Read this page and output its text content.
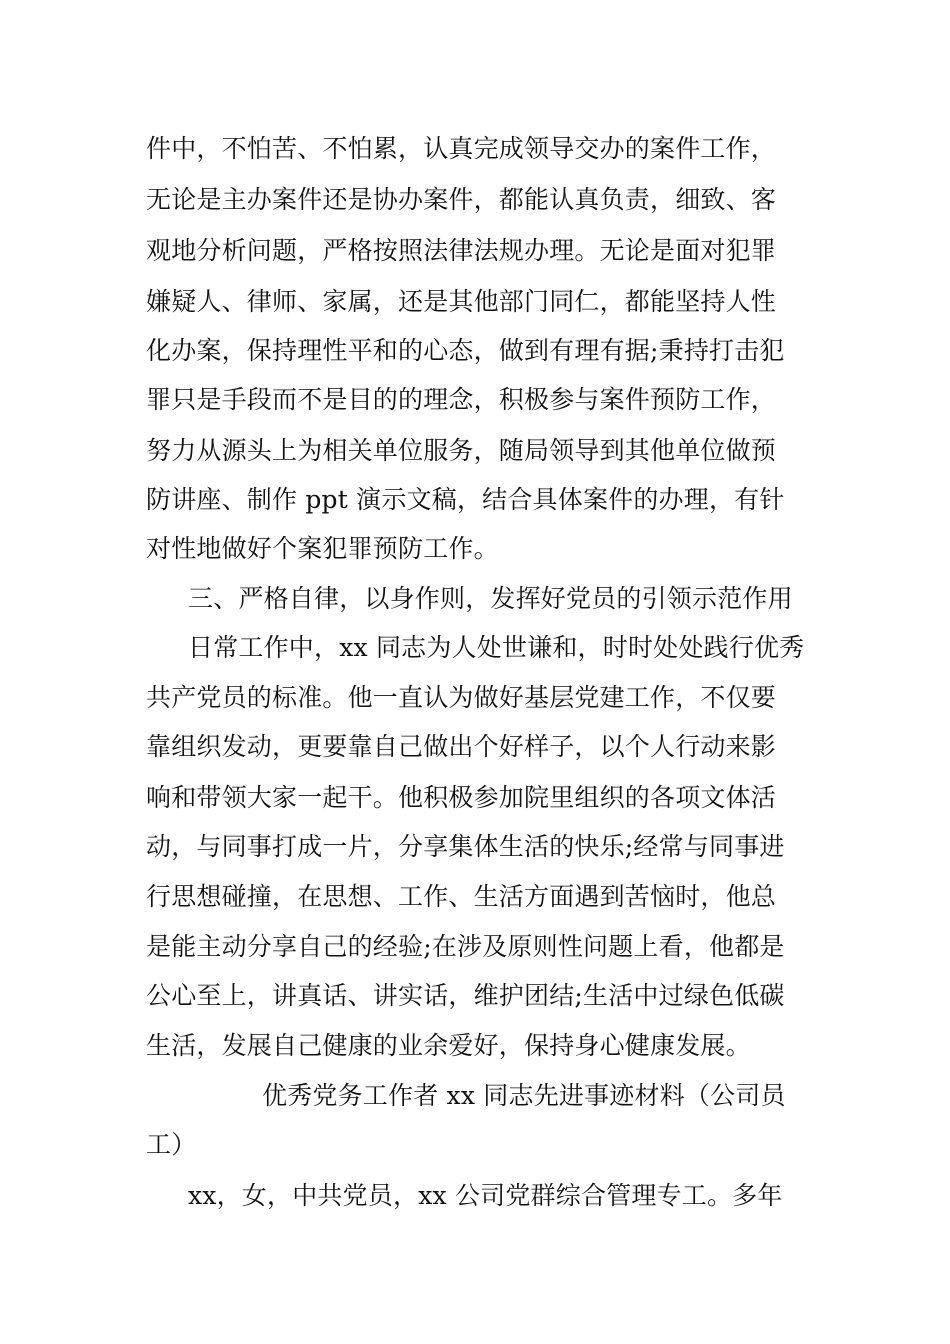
件中，不怕苦、不怕累，认真完成领导交办的案件工作，
无论是主办案件还是协办案件，都能认真负责，细致、客
观地分析问题，严格按照法律法规办理。无论是面对犯罪
嫌疑人、律师、家属，还是其他部门同仁，都能坚持人性
化办案，保持理性平和的心态，做到有理有据;秉持打击犯
罪只是手段而不是目的的理念，积极参与案件预防工作，
努力从源头上为相关单位服务，随局领导到其他单位做预
防讲座、制作 ppt 演示文稿，结合具体案件的办理，有针
对性地做好个案犯罪预防工作。
三、严格自律，以身作则，发挥好党员的引领示范作用
日常工作中，xx 同志为人处世谦和，时时处处践行优秀
共产党员的标准。他一直认为做好基层党建工作，不仅要
靠组织发动，更要靠自己做出个好样子，以个人行动来影
响和带领大家一起干。他积极参加院里组织的各项文体活
动，与同事打成一片，分享集体生活的快乐;经常与同事进
行思想碰撞，在思想、工作、生活方面遇到苦恼时，他总
是能主动分享自己的经验;在涉及原则性问题上看，他都是
公心至上，讲真话、讲实话，维护团结;生活中过绿色低碳
生活，发展自己健康的业余爱好，保持身心健康发展。
优秀党务工作者 xx 同志先进事迹材料（公司员
工）
xx，女，中共党员，xx 公司党群综合管理专工。多年
